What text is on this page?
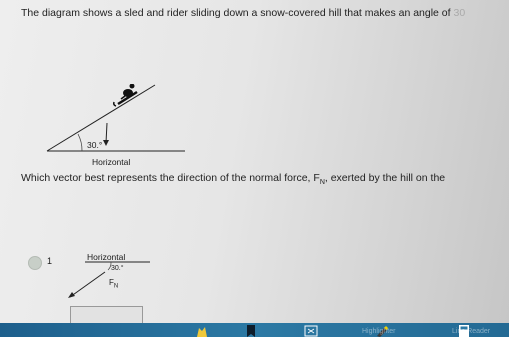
The diagram shows a sled and rider sliding down a snow-covered hill that makes an angle of 30
30.°
Horizontal
Which vector best represents the direction of the normal force, $F_N$, exerted by the hill on the
1	Horizontal
30.°
$F_N$
Highlighter	Line Reader
